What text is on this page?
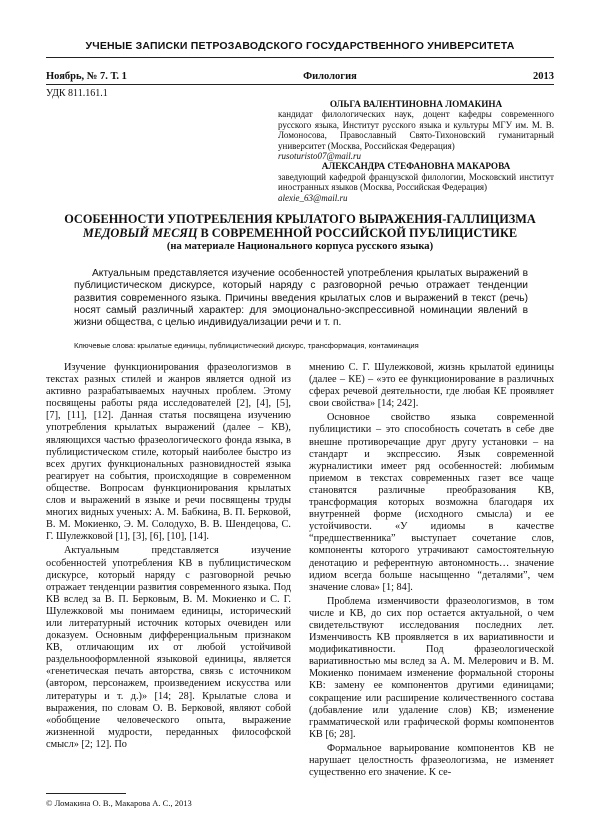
УЧЕНЫЕ ЗАПИСКИ ПЕТРОЗАВОДСКОГО ГОСУДАРСТВЕННОГО УНИВЕРСИТЕТА
Ноябрь, № 7. Т. 1	Филология	2013
УДК 811.161.1
ОЛЬГА ВАЛЕНТИНОВНА ЛОМАКИНА
кандидат филологических наук, доцент кафедры современного русского языка, Институт русского языка и культуры МГУ им. М. В. Ломоносова, Православный Свято-Тихоновский гуманитарный университет (Москва, Российская Федерация)
rusoturisto07@mail.ru
АЛЕКСАНДРА СТЕФАНОВНА МАКАРОВА
заведующий кафедрой французской филологии, Московский институт иностранных языков (Москва, Российская Федерация)
alexie_63@mail.ru
ОСОБЕННОСТИ УПОТРЕБЛЕНИЯ КРЫЛАТОГО ВЫРАЖЕНИЯ-ГАЛЛИЦИЗМА
МЕДОВЫЙ МЕСЯЦ В СОВРЕМЕННОЙ РОССИЙСКОЙ ПУБЛИЦИСТИКЕ
(на материале Национального корпуса русского языка)

Актуальным представляется изучение особенностей употребления крылатых выражений в публицистическом дискурсе, который наряду с разговорной речью отражает тенденции развития современного языка. Причины введения крылатых слов и выражений в текст (речь) носят самый различный характер: для эмоционально-экспрессивной номинации явлений в жизни общества, с целью индивидуализации речи и т. п.

Ключевые слова: крылатые единицы, публицистический дискурс, трансформация, контаминация

Изучение функционирования фразеологизмов в текстах разных стилей и жанров является одной из активно разрабатываемых научных проблем. Этому посвящены работы ряда исследователей [2], [4], [5], [7], [11], [12]. Данная статья посвящена изучению употребления крылатых выражений (далее – КВ), являющихся частью фразеологического фонда языка, в публицистическом стиле, который наиболее быстро из всех других функциональных разновидностей языка реагирует на события, происходящие в современном обществе. Вопросам функционирования крылатых слов и выражений в языке и речи посвящены труды многих видных ученых: А. М. Бабкина, В. П. Берковой, В. М. Мокиенко, Э. М. Солодухо, В. В. Шендецова, С. Г. Шулежковой [1], [3], [6], [10], [14].

Актуальным представляется изучение особенностей употребления КВ в публицистическом дискурсе, который наряду с разговорной речью отражает тенденции развития современного языка. Под КВ вслед за В. П. Берковым, В. М. Мокиенко и С. Г. Шулежковой мы понимаем единицы, исторический или литературный источник которых очевиден или доказуем. Основным дифференциальным признаком КВ, отличающим их от любой устойчивой раздельнооформленной языковой единицы, является «генетическая печать авторства, связь с источником (автором, персонажем, произведением искусства или литературы и т. д.)» [14; 28]. Крылатые слова и выражения, по словам О. В. Берковой, являют собой «обобщение человеческого опыта, выражение жизненной мудрости, переданных философской смысл» [2; 12]. По

мнению С. Г. Шулежковой, жизнь крылатой единицы (далее – КЕ) – «это ее функционирование в различных сферах речевой деятельности, где любая КЕ проявляет свои свойства» [14; 242].

Основное свойство языка современной публицистики – это способность сочетать в себе две внешне противоречащие друг другу установки – на стандарт и экспрессию. Язык современной журналистики имеет ряд особенностей: любимым приемом в текстах современных газет все чаще становятся различные преобразования КВ, трансформация которых возможна благодаря их внутренней форме (исходного смысла) и ее устойчивости. «У идиомы в качестве “предшественника” выступает сочетание слов, компоненты которого утрачивают самостоятельную денотацию и референтную автономность… значение идиом всегда больше насыщенно “деталями”, чем значение слова» [1; 84].

Проблема изменчивости фразеологизмов, в том числе и КВ, до сих пор остается актуальной, о чем свидетельствуют исследования последних лет. Изменчивость КВ проявляется в их вариативности и модификативности. Под фразеологической вариативностью мы вслед за А. М. Мелерович и В. М. Мокиенко понимаем изменение формальной стороны КВ: замену ее компонентов другими единицами; сокращение или расширение количественного состава (добавление или удаление слов) КВ; изменение грамматической или графической формы компонентов КВ [6; 28].

Формальное варьирование компонентов КВ не нарушает целостность фразеологизма, не изменяет существенно его значение. К се-

© Ломакина О. В., Макарова А. С., 2013
